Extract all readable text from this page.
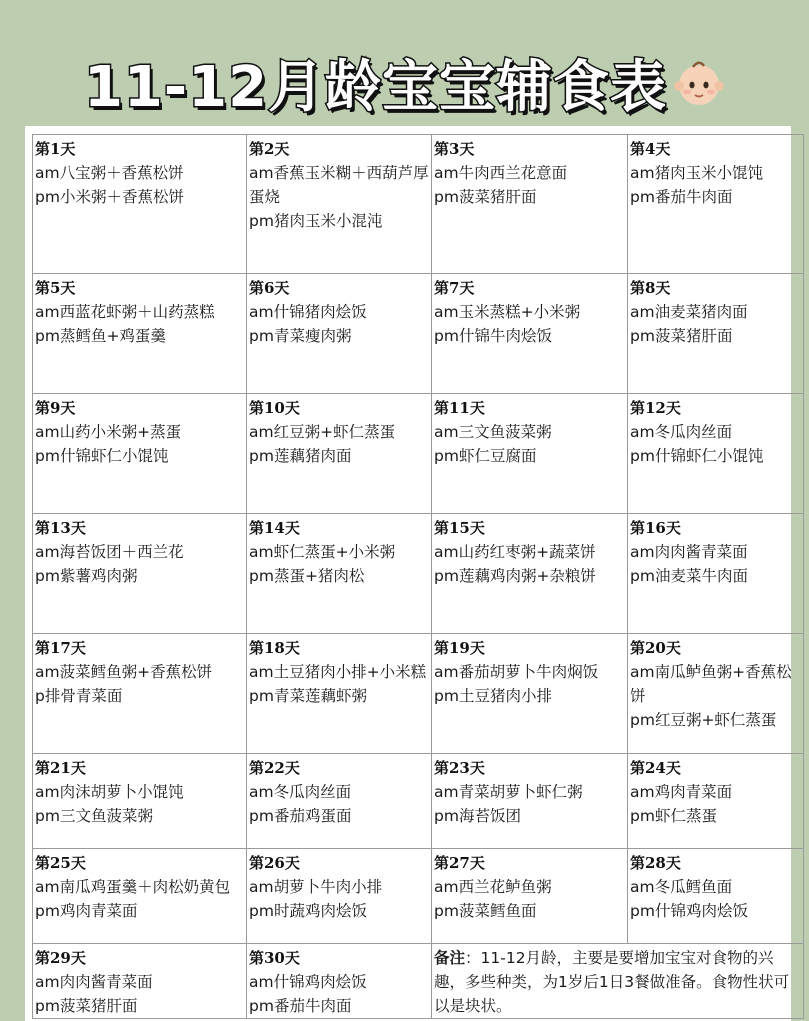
11-12月龄宝宝辅食表
第1天
am八宝粥＋香蕉松饼
pm小米粥＋香蕉松饼	第2天
am香蕉玉米糊＋西葫芦厚蛋烧
pm猪肉玉米小混沌	第3天
am牛肉西兰花意面
pm菠菜猪肝面	第4天
am猪肉玉米小馄饨
pm番茄牛肉面

第5天
am西蓝花虾粥＋山药蒸糕
pm蒸鳕鱼+鸡蛋羹	第6天
am什锦猪肉烩饭
pm青菜瘦肉粥	第7天
am玉米蒸糕+小米粥
pm什锦牛肉烩饭	第8天
am油麦菜猪肉面
pm菠菜猪肝面

第9天
am山药小米粥+蒸蛋
pm什锦虾仁小馄饨	第10天
am红豆粥+虾仁蒸蛋
pm莲藕猪肉面	第11天
am三文鱼菠菜粥
pm虾仁豆腐面	第12天
am冬瓜肉丝面
pm什锦虾仁小馄饨

第13天
am海苔饭团＋西兰花
pm紫薯鸡肉粥	第14天
am虾仁蒸蛋+小米粥
pm蒸蛋+猪肉松	第15天
am山药红枣粥+蔬菜饼
pm莲藕鸡肉粥+杂粮饼	第16天
am肉肉酱青菜面
pm油麦菜牛肉面

第17天
am菠菜鳕鱼粥+香蕉松饼
p排骨青菜面	第18天
am土豆猪肉小排+小米糕
pm青菜莲藕虾粥	第19天
am番茄胡萝卜牛肉焖饭
pm土豆猪肉小排	第20天
am南瓜鲈鱼粥+香蕉松饼
pm红豆粥+虾仁蒸蛋

第21天
am肉沫胡萝卜小馄饨
pm三文鱼菠菜粥	第22天
am冬瓜肉丝面
pm番茄鸡蛋面	第23天
am青菜胡萝卜虾仁粥
pm海苔饭团	第24天
am鸡肉青菜面
pm虾仁蒸蛋

第25天
am南瓜鸡蛋羹＋肉松奶黄包
pm鸡肉青菜面	第26天
am胡萝卜牛肉小排
pm时蔬鸡肉烩饭	第27天
am西兰花鲈鱼粥
pm菠菜鳕鱼面	第28天
am冬瓜鳕鱼面
pm什锦鸡肉烩饭

第29天
am肉肉酱青菜面
pm菠菜猪肝面	第30天
am什锦鸡肉烩饭
pm番茄牛肉面	备注：11-12月龄，主要是要增加宝宝对食物的兴趣，多些种类，为1岁后1日3餐做准备。食物性状可以是块状。	
